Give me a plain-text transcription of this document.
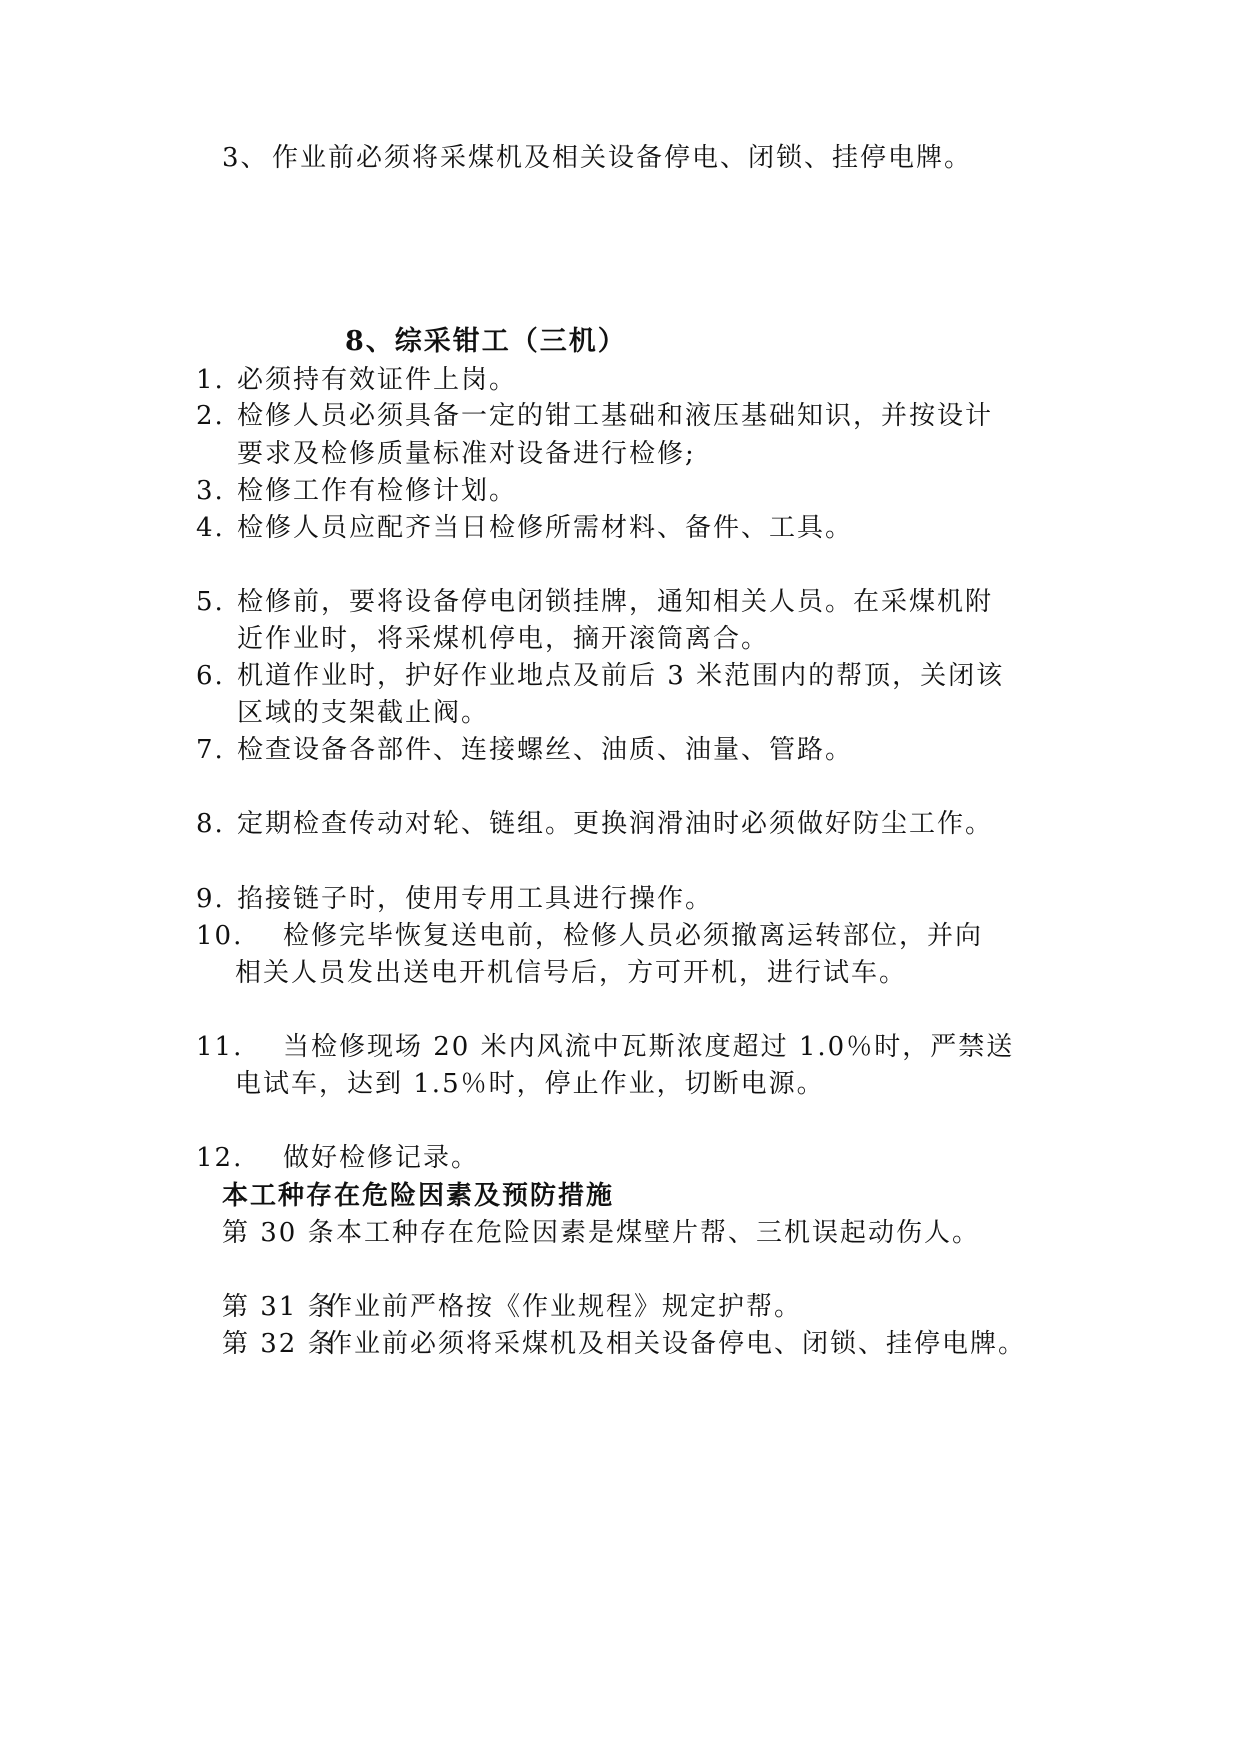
3、 作业前必须将采煤机及相关设备停电、闭锁、挂停电牌。
8、综采钳工（三机）
1. 必须持有效证件上岗。
2. 检修人员必须具备一定的钳工基础和液压基础知识，并按设计
要求及检修质量标准对设备进行检修;
3. 检修工作有检修计划。
4. 检修人员应配齐当日检修所需材料、备件、工具。
5. 检修前，要将设备停电闭锁挂牌，通知相关人员。在采煤机附
近作业时，将采煤机停电，摘开滚筒离合。
6. 机道作业时，护好作业地点及前后 3 米范围内的帮顶，关闭该
区域的支架截止阀。
7. 检查设备各部件、连接螺丝、油质、油量、管路。
8. 定期检查传动对轮、链组。更换润滑油时必须做好防尘工作。
9. 掐接链子时，使用专用工具进行操作。
10. 检修完毕恢复送电前，检修人员必须撤离运转部位，并向
相关人员发出送电开机信号后，方可开机，进行试车。
11. 当检修现场 20 米内风流中瓦斯浓度超过 1.0％时，严禁送
电试车，达到 1.5％时，停止作业，切断电源。
12. 做好检修记录。
本工种存在危险因素及预防措施
第 30 条 本工种存在危险因素是煤壁片帮、三机误起动伤人。
第 31 条
作业前严格按《作业规程》规定护帮。
第 32 条
作业前必须将采煤机及相关设备停电、闭锁、挂停电牌。
